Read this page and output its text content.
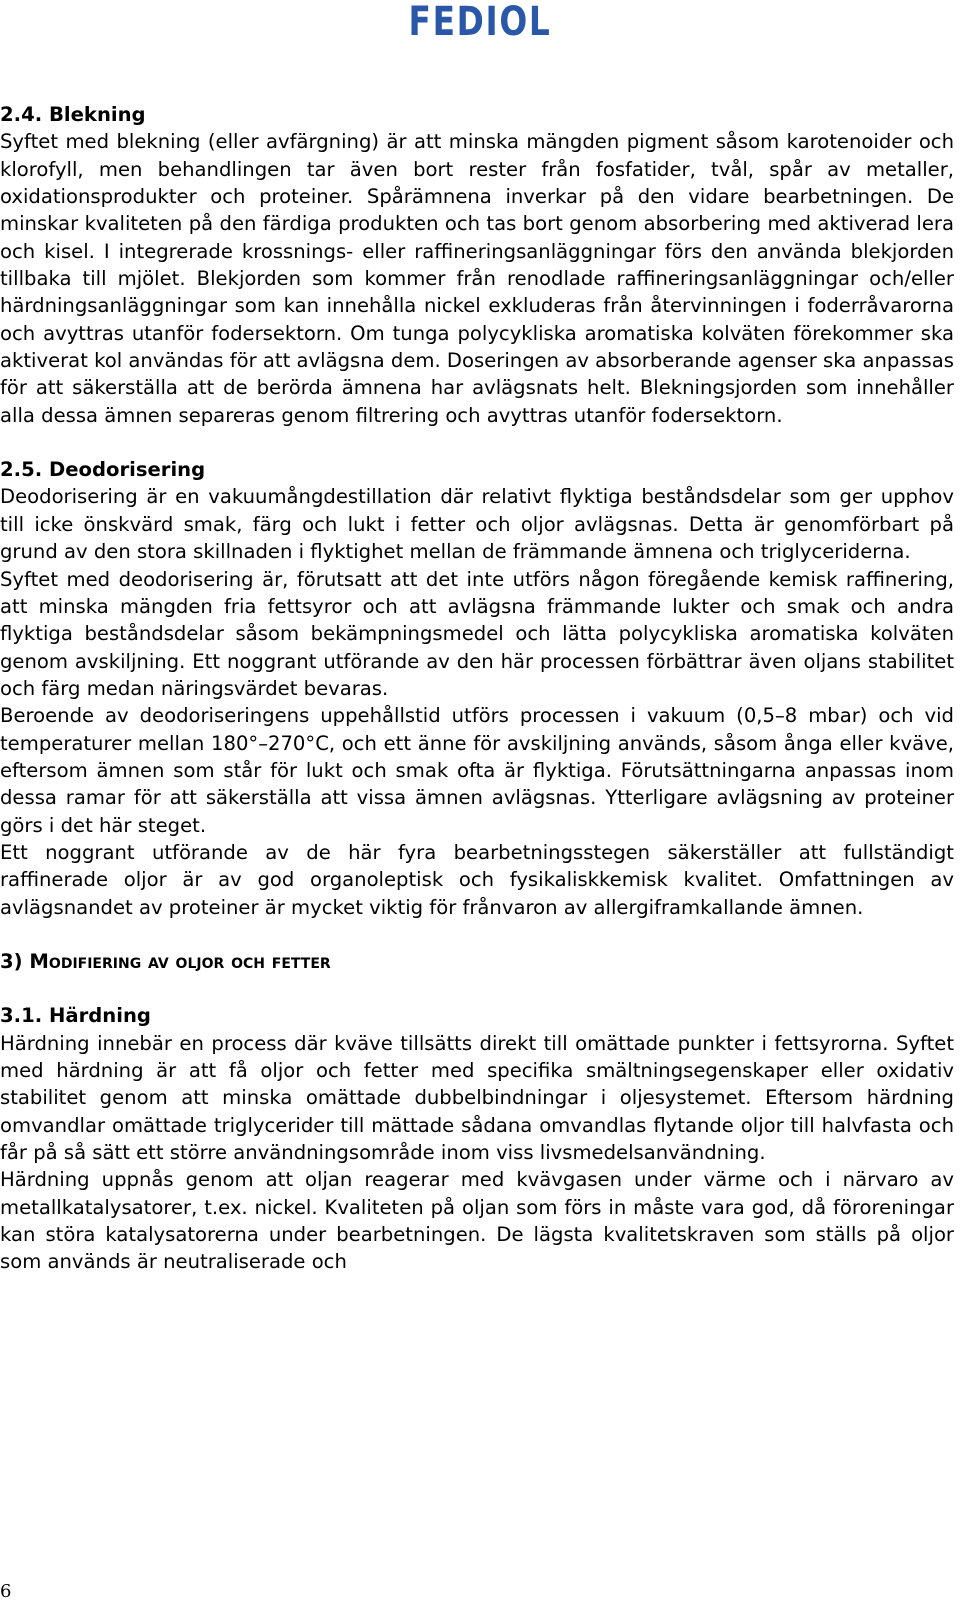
FEDIOL
2.4. Blekning

Syftet med blekning (eller avfärgning) är att minska mängden pigment såsom karotenoider och klorofyll, men behandlingen tar även bort rester från fosfatider, tvål, spår av metaller, oxidationsprodukter och proteiner. Spårämnena inverkar på den vidare bearbetningen. De minskar kvaliteten på den färdiga produkten och tas bort genom absorbering med aktiverad lera och kisel. I integrerade krossnings- eller raffineringsanläggningar förs den använda blekjorden tillbaka till mjölet. Blekjorden som kommer från renodlade raffineringsanläggningar och/eller härdningsanläggningar som kan innehålla nickel exkluderas från återvinningen i foderråvarorna och avyttras utanför fodersektorn. Om tunga polycykliska aromatiska kolväten förekommer ska aktiverat kol användas för att avlägsna dem. Doseringen av absorberande agenser ska anpassas för att säkerställa att de berörda ämnena har avlägsnats helt. Blekningsjorden som innehåller alla dessa ämnen separeras genom filtrering och avyttras utanför fodersektorn.

2.5. Deodorisering

Deodorisering är en vakuumångdestillation där relativt flyktiga beståndsdelar som ger upphov till icke önskvärd smak, färg och lukt i fetter och oljor avlägsnas. Detta är genomförbart på grund av den stora skillnaden i flyktighet mellan de främmande ämnena och triglyceriderna.

Syftet med deodorisering är, förutsatt att det inte utförs någon föregående kemisk raffinering, att minska mängden fria fettsyror och att avlägsna främmande lukter och smak och andra flyktiga beståndsdelar såsom bekämpningsmedel och lätta polycykliska aromatiska kolväten genom avskiljning. Ett noggrant utförande av den här processen förbättrar även oljans stabilitet och färg medan näringsvärdet bevaras.

Beroende av deodoriseringens uppehållstid utförs processen i vakuum (0,5–8 mbar) och vid temperaturer mellan 180°–270°C, och ett änne för avskiljning används, såsom ånga eller kväve, eftersom ämnen som står för lukt och smak ofta är flyktiga. Förutsättningarna anpassas inom dessa ramar för att säkerställa att vissa ämnen avlägsnas. Ytterligare avlägsning av proteiner görs i det här steget.

Ett noggrant utförande av de här fyra bearbetningsstegen säkerställer att fullständigt raffinerade oljor är av god organoleptisk och fysikaliskkemisk kvalitet. Omfattningen av avlägsnandet av proteiner är mycket viktig för frånvaron av allergiframkallande ämnen.

3) Modifiering av oljor och fetter
3.1. Härdning

Härdning innebär en process där kväve tillsätts direkt till omättade punkter i fettsyrorna. Syftet med härdning är att få oljor och fetter med specifika smältningsegenskaper eller oxidativ stabilitet genom att minska omättade dubbelbindningar i oljesystemet. Eftersom härdning omvandlar omättade triglycerider till mättade sådana omvandlas flytande oljor till halvfasta och får på så sätt ett större användningsområde inom viss livsmedelsanvändning.

Härdning uppnås genom att oljan reagerar med kvävgasen under värme och i närvaro av metallkatalysatorer, t.ex. nickel. Kvaliteten på oljan som förs in måste vara god, då föroreningar kan störa katalysatorerna under bearbetningen. De lägsta kvalitetskraven som ställs på oljor som används är neutraliserade och

6
